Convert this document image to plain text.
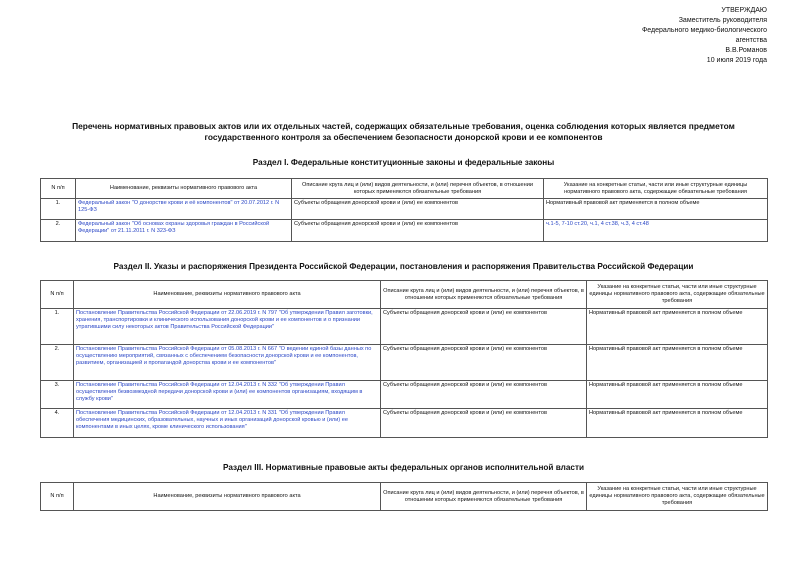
УТВЕРЖДАЮ
Заместитель руководителя
Федерального медико-биологического
агентства
В.В.Романов
10 июля 2019 года
Перечень нормативных правовых актов или их отдельных частей, содержащих обязательные требования, оценка соблюдения которых является предметом государственного контроля за обеспечением безопасности донорской крови и ее компонентов
Раздел I. Федеральные конституционные законы и федеральные законы
N п/п	Наименование, реквизиты нормативного правового акта	Описание круга лиц и (или) видов деятельности, и (или) перечня объектов, в отношении которых применяются обязательные требования	Указание на конкретные статьи, части или иные структурные единицы нормативного правового акта, содержащие обязательные требования
1.	Федеральный закон "О донорстве крови и её компонентов" от 20.07.2012 г. N 125-ФЗ	Субъекты обращения донорской крови и (или) ее компонентов	Нормативный правовой акт применяется в полном объеме
2.	Федеральный закон "Об основах охраны здоровья граждан в Российской Федерации" от 21.11.2011 г. N 323-ФЗ	Субъекты обращения донорской крови и (или) ее компонентов	ч.1-5, 7-10 ст.20, ч.1, 4 ст.38, ч.3, 4 ст.48
Раздел II. Указы и распоряжения Президента Российской Федерации, постановления и распоряжения Правительства Российской Федерации
N п/п	Наименование, реквизиты нормативного правового акта	Описание круга лиц и (или) видов деятельности, и (или) перечня объектов, в отношении которых применяются обязательные требования	Указание на конкретные статьи, части или иные структурные единицы нормативного правового акта, содержащие обязательные требования
1.	Постановление Правительства Российской Федерации от 22.06.2019 г. N 797 "Об утверждении Правил заготовки, хранения, транспортировки и клинического использования донорской крови и ее компонентов и о признании утратившими силу некоторых актов Правительства Российской Федерации"	Субъекты обращения донорской крови и (или) ее компонентов	Нормативный правовой акт применяется в полном объеме
2.	Постановление Правительства Российской Федерации от 05.08.2013 г. N 667 "О ведении единой базы данных по осуществлению мероприятий, связанных с обеспечением безопасности донорской крови и ее компонентов, развитием, организацией и пропагандой донорства крови и ее компонентов"	Субъекты обращения донорской крови и (или) ее компонентов	Нормативный правовой акт применяется в полном объеме
3.	Постановление Правительства Российской Федерации от 12.04.2013 г. N 332 "Об утверждении Правил осуществления безвозмездной передачи донорской крови и (или) ее компонентов организациям, входящим в службу крови"	Субъекты обращения донорской крови и (или) ее компонентов	Нормативный правовой акт применяется в полном объеме
4.	Постановление Правительства Российской Федерации от 12.04.2013 г. N 331 "Об утверждении Правил обеспечения медицинских, образовательных, научных и иных организаций донорской кровью и (или) ее компонентами в иных целях, кроме клинического использования"	Субъекты обращения донорской крови и (или) ее компонентов	Нормативный правовой акт применяется в полном объеме
Раздел III. Нормативные правовые акты федеральных органов исполнительной власти
N п/п	Наименование, реквизиты нормативного правового акта	Описание круга лиц и (или) видов деятельности, и (или) перечня объектов, в отношении которых применяются обязательные требования	Указание на конкретные статьи, части или иные структурные единицы нормативного правового акта, содержащие обязательные требования
